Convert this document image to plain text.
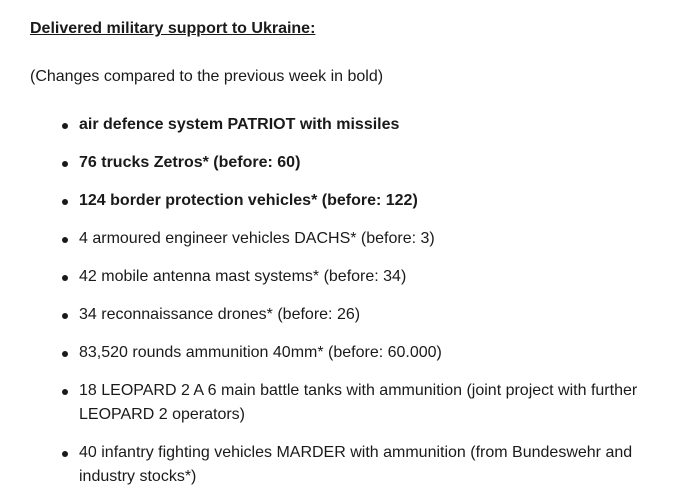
Delivered military support to Ukraine:
(Changes compared to the previous week in bold)
air defence system PATRIOT with missiles
76 trucks Zetros* (before: 60)
124 border protection vehicles* (before: 122)
4 armoured engineer vehicles DACHS* (before: 3)
42 mobile antenna mast systems* (before: 34)
34 reconnaissance drones* (before: 26)
83,520 rounds ammunition 40mm* (before: 60.000)
18 LEOPARD 2 A 6 main battle tanks with ammunition (joint project with further LEOPARD 2 operators)
40 infantry fighting vehicles MARDER with ammunition (from Bundeswehr and industry stocks*)
